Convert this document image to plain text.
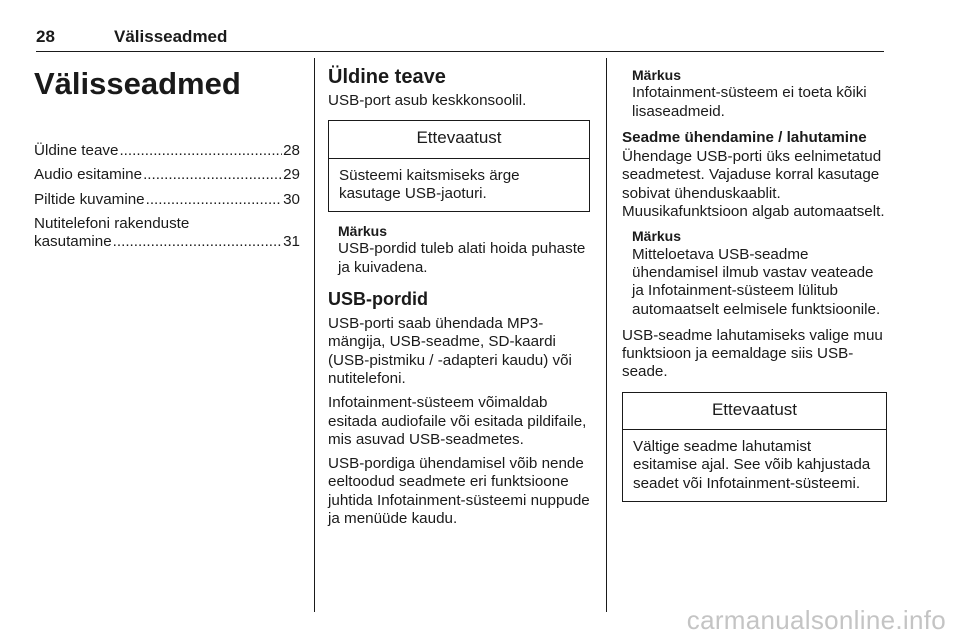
28	Välisseadmed
Välisseadmed
Üldine teave .....	28
Audio esitamine .....	29
Piltide kuvamine .....	30
Nutitelefoni rakenduste
kasutamine .....	31
Üldine teave
USB-port asub keskkonsoolil.
Ettevaatust
Süsteemi kaitsmiseks ärge kasutage USB-jaoturi.
Märkus
USB-pordid tuleb alati hoida puhaste ja kuivadena.
USB-pordid
USB-porti saab ühendada MP3-mängija, USB-seadme, SD-kaardi (USB-pistmiku / -adapteri kaudu) või nutitelefoni.
Infotainment-süsteem võimaldab esitada audiofaile või esitada pildifaile, mis asuvad USB-seadmetes.
USB-pordiga ühendamisel võib nende eeltoodud seadmete eri funktsioone juhtida Infotainment-süsteemi nuppude ja menüüde kaudu.
Märkus
Infotainment-süsteem ei toeta kõiki lisaseadmeid.
Seadme ühendamine / lahutamine
Ühendage USB-porti üks eelnimetatud seadmetest. Vajaduse korral kasutage sobivat ühenduskaablit. Muusikafunktsioon algab automaatselt.
Märkus
Mitteloetava USB-seadme ühendamisel ilmub vastav veateade ja Infotainment-süsteem lülitub automaatselt eelmisele funktsioonile.
USB-seadme lahutamiseks valige muu funktsioon ja eemaldage siis USB-seade.
Ettevaatust
Vältige seadme lahutamist esitamise ajal. See võib kahjustada seadet või Infotainment-süsteemi.
carmanualsonline.info
